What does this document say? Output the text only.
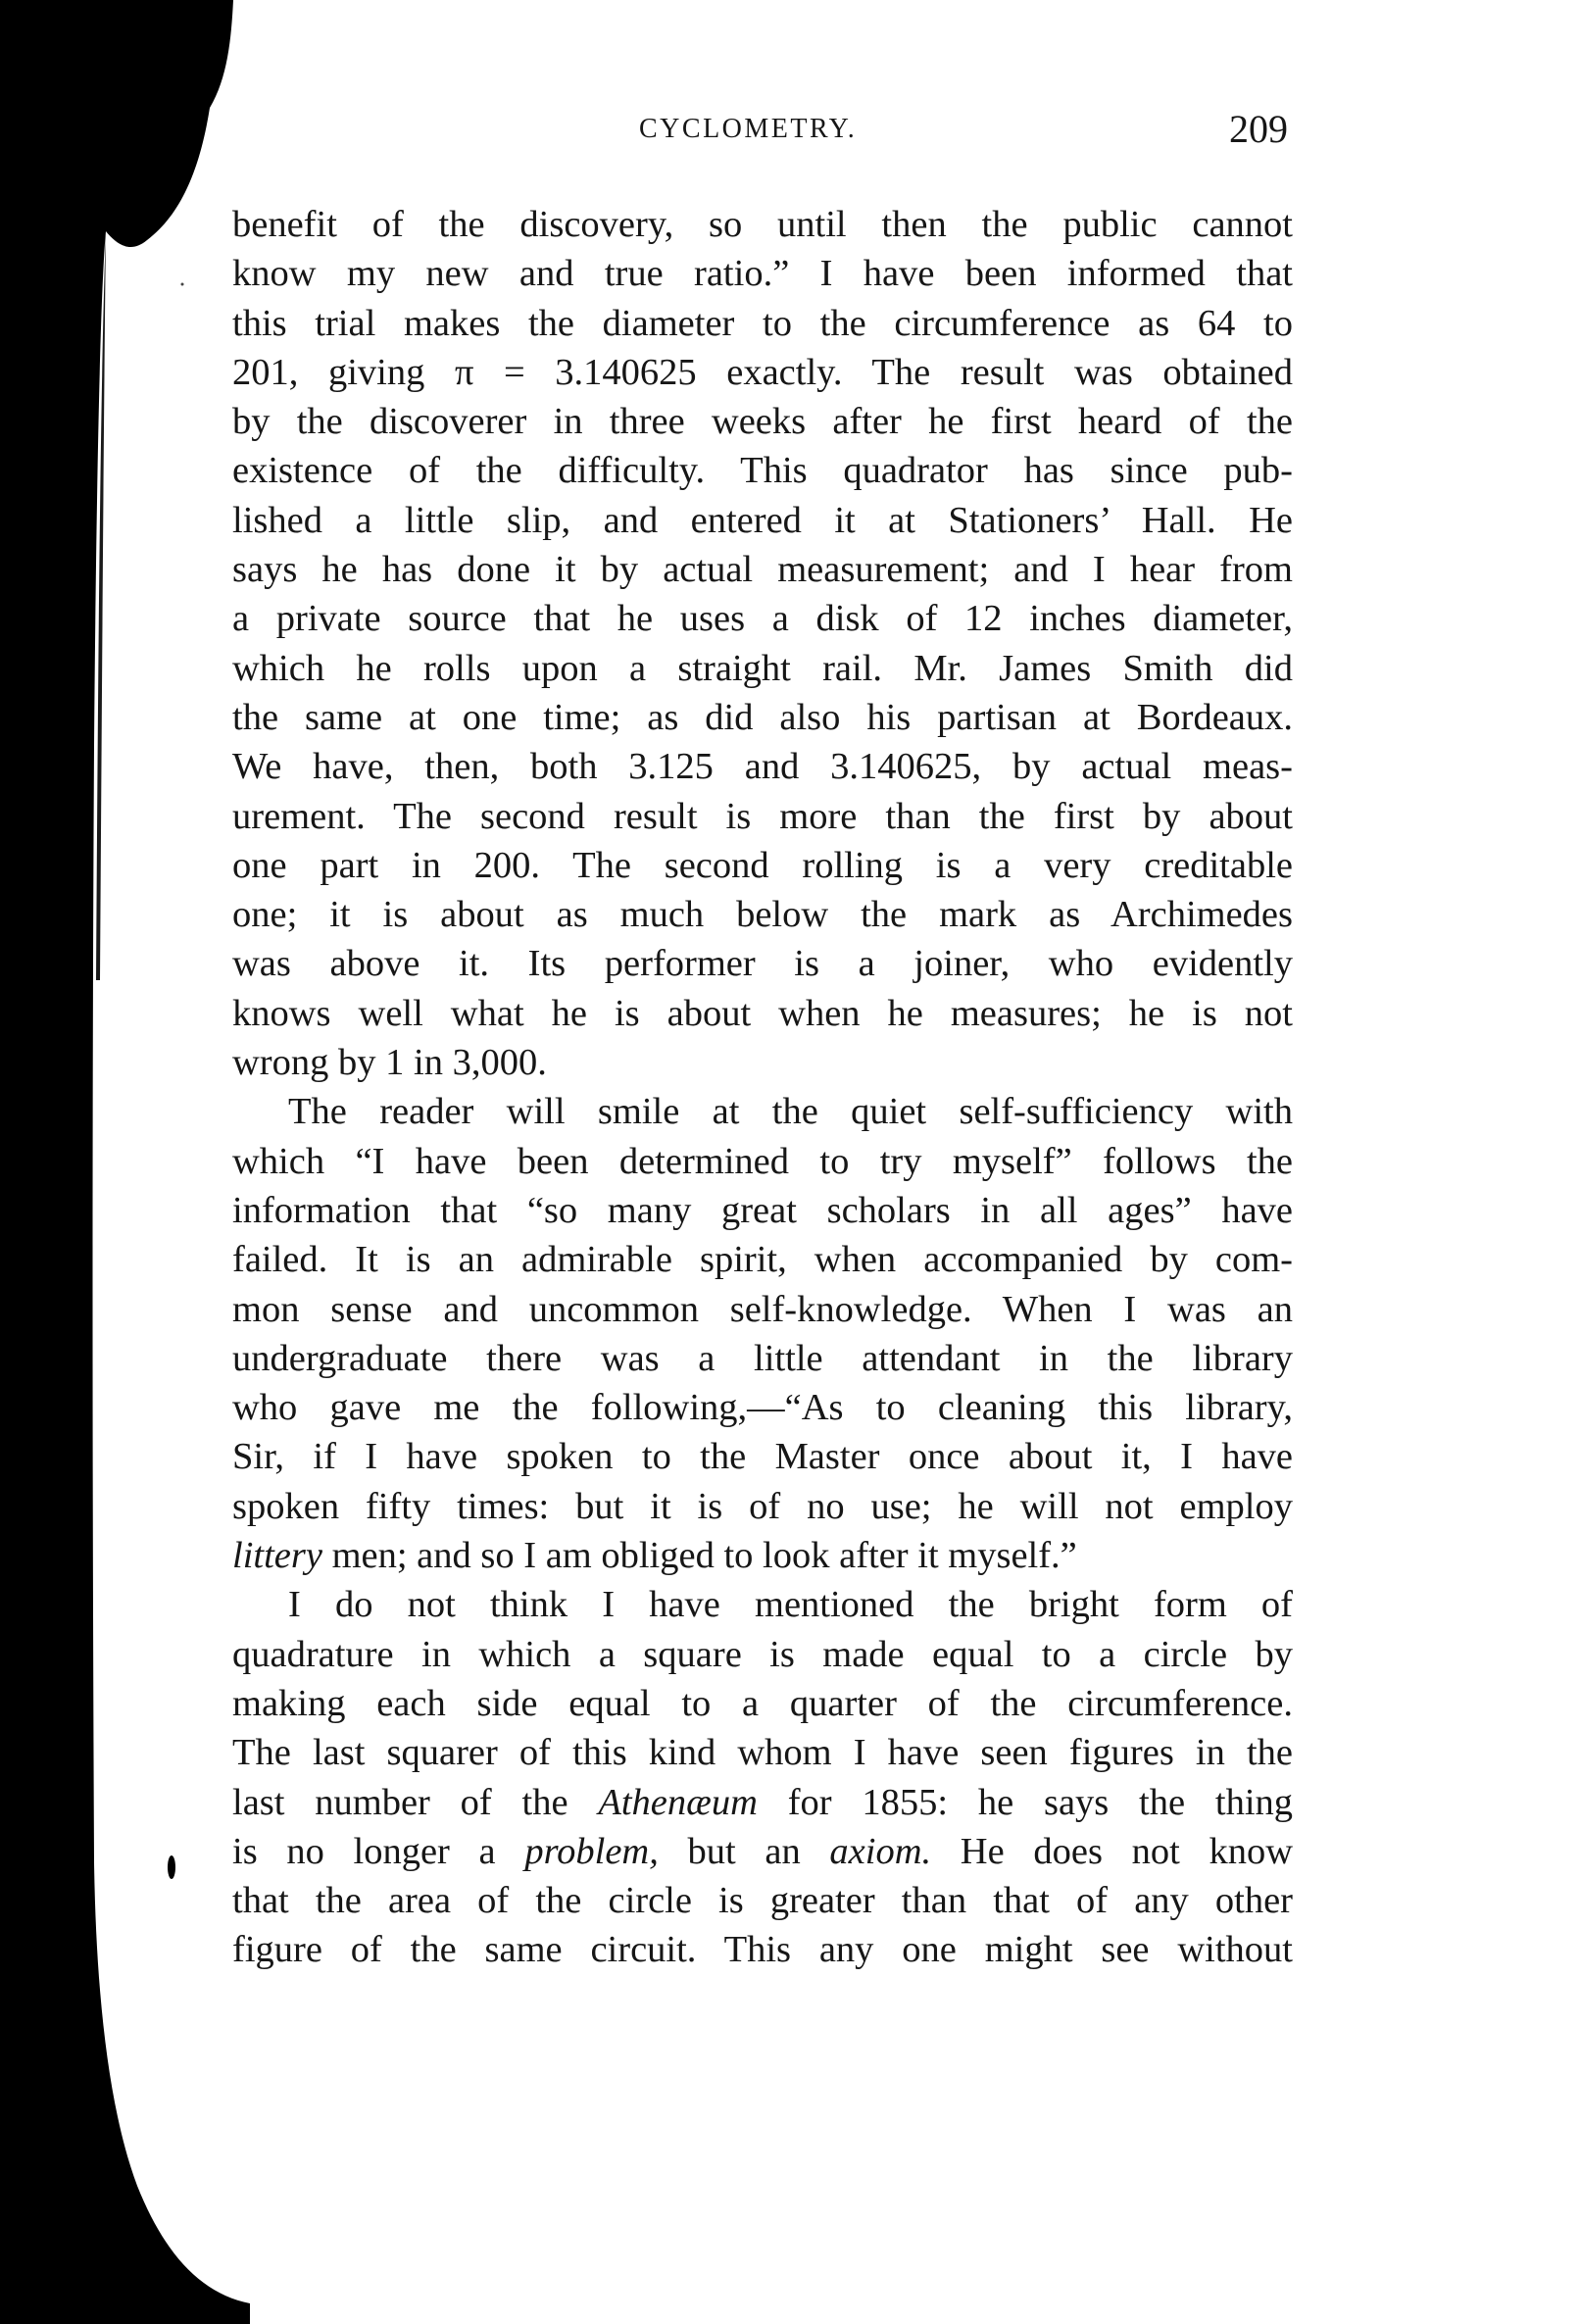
CYCLOMETRY.	209
benefit of the discovery, so until then the public cannot
know my new and true ratio.” I have been informed that
this trial makes the diameter to the circumference as 64 to
201, giving π = 3.140625 exactly. The result was obtained
by the discoverer in three weeks after he first heard of the
existence of the difficulty. This quadrator has since pub-
lished a little slip, and entered it at Stationers’ Hall. He
says he has done it by actual measurement; and I hear from
a private source that he uses a disk of 12 inches diameter,
which he rolls upon a straight rail. Mr. James Smith did
the same at one time; as did also his partisan at Bordeaux.
We have, then, both 3.125 and 3.140625, by actual meas-
urement. The second result is more than the first by about
one part in 200. The second rolling is a very creditable
one; it is about as much below the mark as Archimedes
was above it. Its performer is a joiner, who evidently
knows well what he is about when he measures; he is not
wrong by 1 in 3,000.
The reader will smile at the quiet self-sufficiency with
which “I have been determined to try myself” follows the
information that “so many great scholars in all ages” have
failed. It is an admirable spirit, when accompanied by com-
mon sense and uncommon self-knowledge. When I was an
undergraduate there was a little attendant in the library
who gave me the following,—“As to cleaning this library,
Sir, if I have spoken to the Master once about it, I have
spoken fifty times: but it is of no use; he will not employ
littery men; and so I am obliged to look after it myself.”
I do not think I have mentioned the bright form of
quadrature in which a square is made equal to a circle by
making each side equal to a quarter of the circumference.
The last squarer of this kind whom I have seen figures in the
last number of the Athenæum for 1855: he says the thing
is no longer a problem, but an axiom. He does not know
that the area of the circle is greater than that of any other
figure of the same circuit. This any one might see without
